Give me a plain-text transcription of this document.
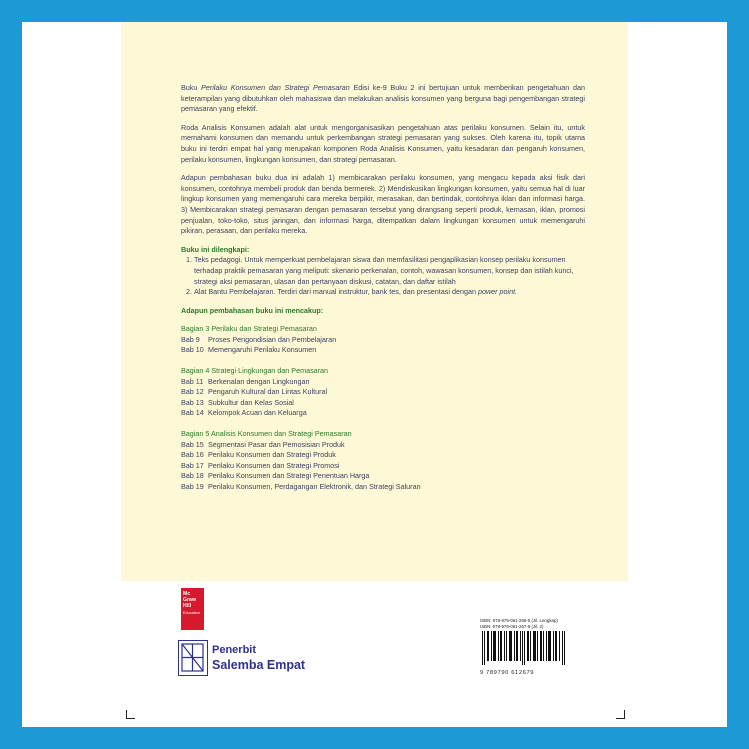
Buku Perilaku Konsumen dan Strategi Pemasaran Edisi ke-9 Buku 2 ini bertujuan untuk memberikan pengetahuan dan keterampilan yang dibutuhkan oleh mahasiswa dan melakukan analisis konsumen yang berguna bagi pengembangan strategi pemasaran yang efektif.

Roda Analisis Konsumen adalah alat untuk mengorganisasikan pengetahuan atas perilaku konsumen. Selain itu, untuk memahami konsumen dan memandu untuk perkembangan strategi pemasaran yang sukses. Oleh karena itu, topik utama buku ini terdiri empat hal yang merupakan komponen Roda Analisis Konsumen, yaitu kesadaran dan pengaruh konsumen, perilaku konsumen, lingkungan konsumen, dan strategi pemasaran.

Adapun pembahasan buku dua ini adalah 1) membicarakan perilaku konsumen, yang mengacu kepada aksi fisik dari konsumen, contohnya membeli produk dan benda bermerek. 2) Mendiskusikan lingkungan konsumen, yaitu semua hal di luar lingkup konsumen yang memengaruhi cara mereka berpikir, merasakan, dan bertindak, contohnya iklan dan informasi harga. 3) Membicarakan strategi pemasaran dengan pemasaran tersebut yang dirangsang seperti produk, kemasan, iklan, promosi penjualan, toko-toko, situs jaringan, dan informasi harga, ditempatkan dalam lingkungan konsumen untuk memengaruhi pikiran, perasaan, dan perilaku mereka.

Buku ini dilengkapi:

1. Teks pedagogi. Untuk memperkuat pembelajaran siswa dan memfasilitasi pengaplikasian konsep perilaku konsumen terhadap praktik pemasaran yang meliputi: skenario perkenalan, contoh, wawasan konsumen, konsep dan istilah kunci, strategi aksi pemasaran, ulasan dan pertanyaan diskusi, catatan, dan daftar istilah
2. Alat Bantu Pembelajaran. Terdiri dari manual instruktur, bank tes, dan presentasi dengan power point.

Adapun pembahasan buku ini mencakup:

Bagian 3 Perilaku dan Strategi Pemasaran
Bab 9	Proses Pengondisian dan Pembelajaran
Bab 10 Memengaruhi Perilaku Konsumen
Bagian 4 Strategi Lingkungan dan Pemasaran
Bab 11 Berkenalan dengan Lingkungan
Bab 12 Pengaruh Kultural dan Lintas Kultural
Bab 13 Subkultur dan Kelas Sosial
Bab 14 Kelompok Acuan dan Keluarga
Bagian 5 Analisis Konsumen dan Strategi Pemasaran
Bab 15 Segmentasi Pasar dan Pemosisian Produk
Bab 16 Perilaku Konsumen dan Strategi Produk
Bab 17 Perilaku Konsumen dan Strategi Promosi
Bab 18 Perilaku Konsumen dan Strategi Penentuan Harga
Bab 19 Perilaku Konsumen, Perdagangan Elektronik, dan Strategi Saluran
Mc
Graw
Hill
Education
Penerbit
Salemba Empat
ISBN: 978-979-061-265-5 (Jil. Lengkap)
ISBN: 978-979-061-267-9 (Jil. 2)
9 789790 612679
